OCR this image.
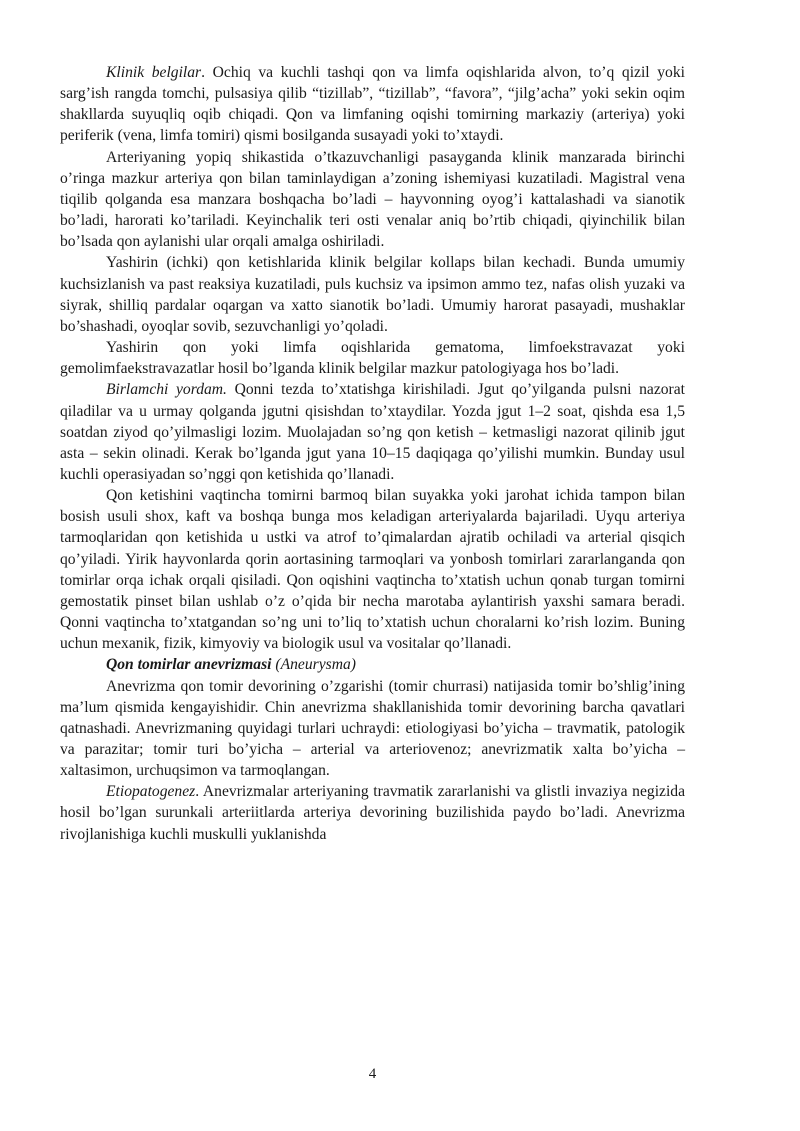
Klinik belgilar. Ochiq va kuchli tashqi qon va limfa oqishlarida alvon, to’q qizil yoki sarg’ish rangda tomchi, pulsasiya qilib “tizillab”, “tizillab”, “favora”, “jilg’acha” yoki sekin oqim shakllarda suyuqliq oqib chiqadi. Qon va limfaning oqishi tomirning markaziy (arteriya) yoki periferik (vena, limfa tomiri) qismi bosilganda susayadi yoki to’xtaydi.

Arteriyaning yopiq shikastida o’tkazuvchanligi pasayganda klinik manzarada birinchi o’ringa mazkur arteriya qon bilan taminlaydigan a’zoning ishemiyasi kuzatiladi. Magistral vena tiqilib qolganda esa manzara boshqacha bo’ladi – hayvonning oyog’i kattalashadi va sianotik bo’ladi, harorati ko’tariladi. Keyinchalik teri osti venalar aniq bo’rtib chiqadi, qiyinchilik bilan bo’lsada qon aylanishi ular orqali amalga oshiriladi.

Yashirin (ichki) qon ketishlarida klinik belgilar kollaps bilan kechadi. Bunda umumiy kuchsizlanish va past reaksiya kuzatiladi, puls kuchsiz va ipsimon ammo tez, nafas olish yuzaki va siyrak, shilliq pardalar oqargan va xatto sianotik bo’ladi. Umumiy harorat pasayadi, mushaklar bo’shashadi, oyoqlar sovib, sezuvchanligi yo’qoladi.

Yashirin qon yoki limfa oqishlarida gematoma, limfoekstravazat yoki gemolimfaekstravazatlar hosil bo’lganda klinik belgilar mazkur patologiyaga hos bo’ladi.

Birlamchi yordam. Qonni tezda to’xtatishga kirishiladi. Jgut qo’yilganda pulsni nazorat qiladilar va u urmay qolganda jgutni qisishdan to’xtaydilar. Yozda jgut 1–2 soat, qishda esa 1,5 soatdan ziyod qo’yilmasligi lozim. Muolajadan so’ng qon ketish – ketmasligi nazorat qilinib jgut asta – sekin olinadi. Kerak bo’lganda jgut yana 10–15 daqiqaga qo’yilishi mumkin. Bunday usul kuchli operasiyadan so’nggi qon ketishida qo’llanadi.

Qon ketishini vaqtincha tomirni barmoq bilan suyakka yoki jarohat ichida tampon bilan bosish usuli shox, kaft va boshqa bunga mos keladigan arteriyalarda bajariladi. Uyqu arteriya tarmoqlaridan qon ketishida u ustki va atrof to’qimalardan ajratib ochiladi va arterial qisqich qo’yiladi. Yirik hayvonlarda qorin aortasining tarmoqlari va yonbosh tomirlari zararlanganda qon tomirlar orqa ichak orqali qisiladi. Qon oqishini vaqtincha to’xtatish uchun qonab turgan tomirni gemostatik pinset bilan ushlab o’z o’qida bir necha marotaba aylantirish yaxshi samara beradi. Qonni vaqtincha to’xtatgandan so’ng uni to’liq to’xtatish uchun choralarni ko’rish lozim. Buning uchun mexanik, fizik, kimyoviy va biologik usul va vositalar qo’llanadi.

Qon tomirlar anevrizmasi (Aneurysma)

Anevrizma qon tomir devorining o’zgarishi (tomir churrasi) natijasida tomir bo’shlig’ining ma’lum qismida kengayishidir. Chin anevrizma shakllanishida tomir devorining barcha qavatlari qatnashadi. Anevrizmaning quyidagi turlari uchraydi: etiologiyasi bo’yicha – travmatik, patologik va parazitar; tomir turi bo’yicha – arterial va arteriovenoz; anevrizmatik xalta bo’yicha – xaltasimon, urchuqsimon va tarmoqlangan.

Etiopatogenez. Anevrizmalar arteriyaning travmatik zararlanishi va glistli invaziya negizida hosil bo’lgan surunkali arteriitlarda arteriya devorining buzilishida paydo bo’ladi. Anevrizma rivojlanishiga kuchli muskulli yuklanishda

4
